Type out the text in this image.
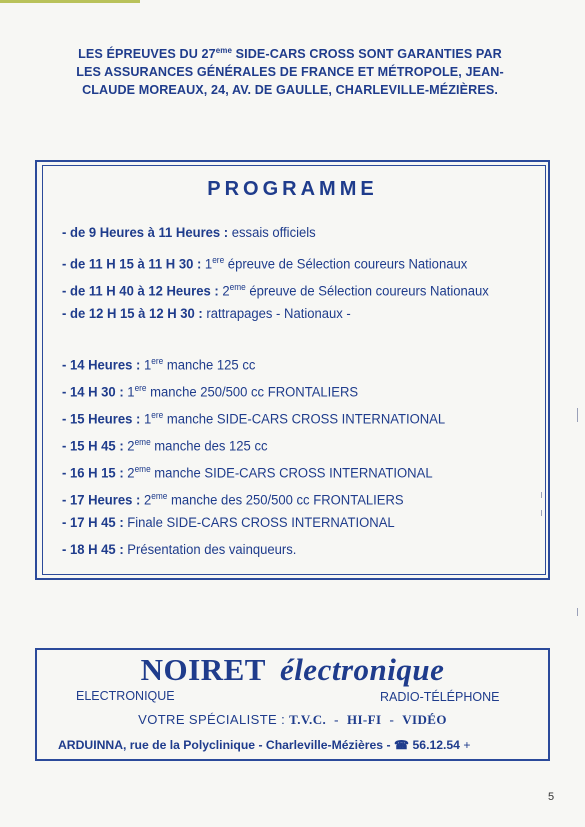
LES ÉPREUVES DU 27eme SIDE-CARS CROSS SONT GARANTIES PAR
LES ASSURANCES GÉNÉRALES DE FRANCE ET MÉTROPOLE, JEAN-
CLAUDE MOREAUX, 24, AV. DE GAULLE, CHARLEVILLE-MÉZIÈRES.
PROGRAMME
- de 9 Heures à 11 Heures : essais officiels
- de 11 H 15 à 11 H 30 : 1ere épreuve de Sélection coureurs Nationaux
- de 11 H 40 à 12 Heures : 2eme épreuve de Sélection coureurs Nationaux
- de 12 H 15 à 12 H 30 : rattrapages - Nationaux -
- 14 Heures : 1ere manche 125 cc
- 14 H 30 : 1ere manche 250/500 cc FRONTALIERS
- 15 Heures : 1ere manche SIDE-CARS CROSS INTERNATIONAL
- 15 H 45 : 2eme manche des 125 cc
- 16 H 15 : 2eme manche SIDE-CARS CROSS INTERNATIONAL
- 17 Heures : 2eme manche des 250/500 cc FRONTALIERS
- 17 H 45 : Finale SIDE-CARS CROSS INTERNATIONAL
- 18 H 45 : Présentation des vainqueurs.
NOIRET électronique
ELECTRONIQUE	RADIO-TÉLÉPHONE
VOTRE SPÉCIALISTE : T.V.C. - HI-FI - VIDÉO
ARDUINNA, rue de la Polyclinique - Charleville-Mézières - ☎ 56.12.54 +
5
